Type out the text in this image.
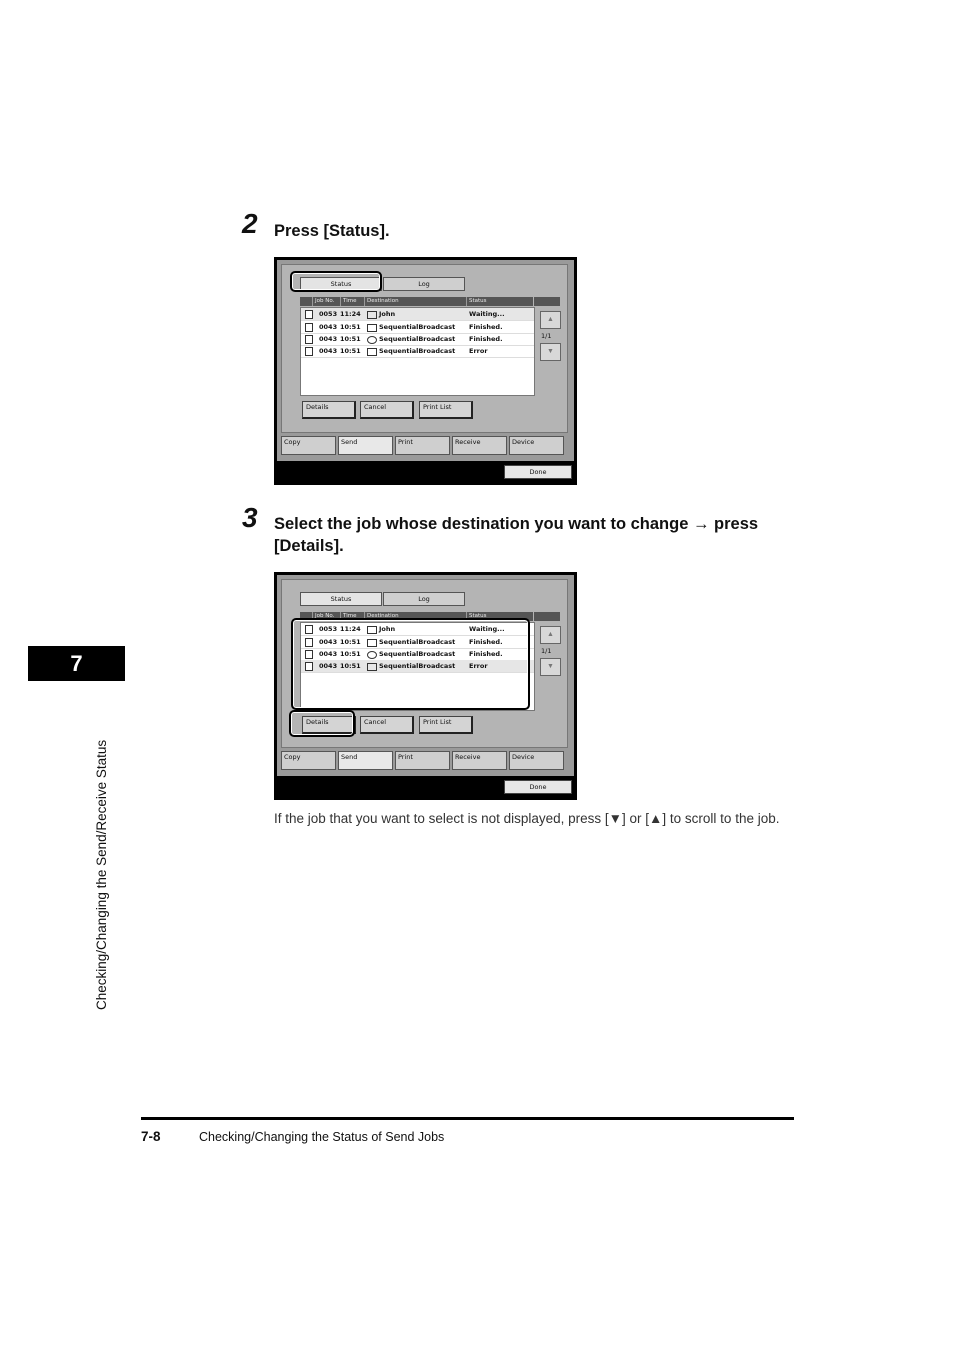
7
Checking/Changing the Send/Receive Status
2 Press [Status].
Status	Log
Job No.	Time	Destination	Status
0053 11:24	John	Waiting...
0043 10:51	SequentialBroadcast Finished.
0043 10:51	SequentialBroadcast Finished.
0043 10:51	SequentialBroadcast Error
▲
1/1
▼
Details	Cancel	Print List
Copy	Send	Print	Receive	Device
Done
3 Select the job whose destination you want to change → press
[Details].
Status	Log
Job No.	Time	Destination	Status
0053 11:24	John	Waiting...
0043 10:51	SequentialBroadcast Finished.
0043 10:51	SequentialBroadcast Finished.
0043 10:51	SequentialBroadcast Error
▲
1/1
▼
Details	Cancel	Print List
Copy	Send	Print	Receive	Device
Done
If the job that you want to select is not displayed, press [▼] or [▲] to scroll to the job.
7-8	Checking/Changing the Status of Send Jobs
